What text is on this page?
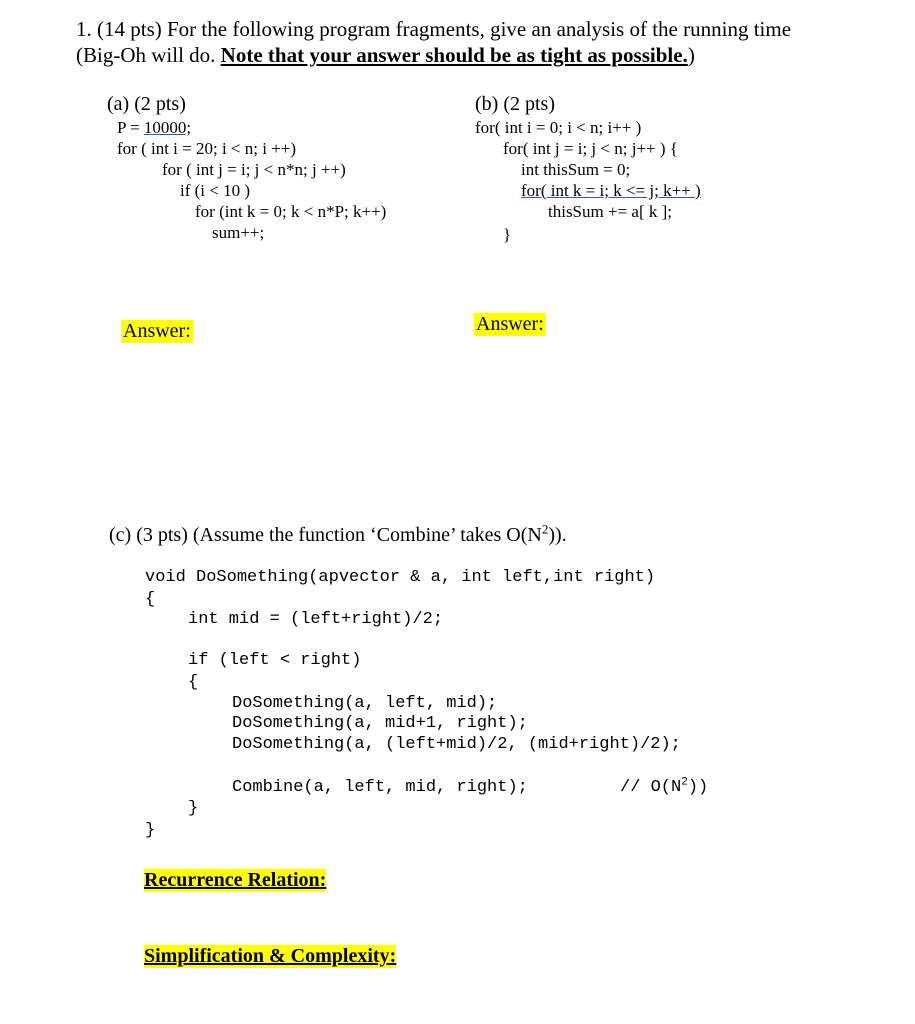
1. (14 pts) For the following program fragments, give an analysis of the running time
(Big-Oh will do. Note that your answer should be as tight as possible.)
(a) (2 pts)
P = 10000;
for ( int i = 20; i < n; i ++)
for ( int j = i; j < n*n; j ++)
if (i < 10 )
for (int k = 0; k < n*P; k++)
sum++;
Answer:
(b) (2 pts)
for( int i = 0; i < n; i++ )
for( int j = i; j < n; j++ ) {
int thisSum = 0;
for( int k = i; k <= j; k++ )
thisSum += a[ k ];
}
Answer:
(c) (3 pts) (Assume the function ‘Combine’ takes $O(N^2)$).
void DoSomething(apvector & a, int left,int right)
{
int mid = (left+right)/2;
if (left < right)
{
DoSomething(a, left, mid);
DoSomething(a, mid+1, right);
DoSomething(a, (left+mid)/2, (mid+right)/2);
Combine(a, left, mid, right);	// $O(N^2)$)
}
}
Recurrence Relation:
Simplification & Complexity:
